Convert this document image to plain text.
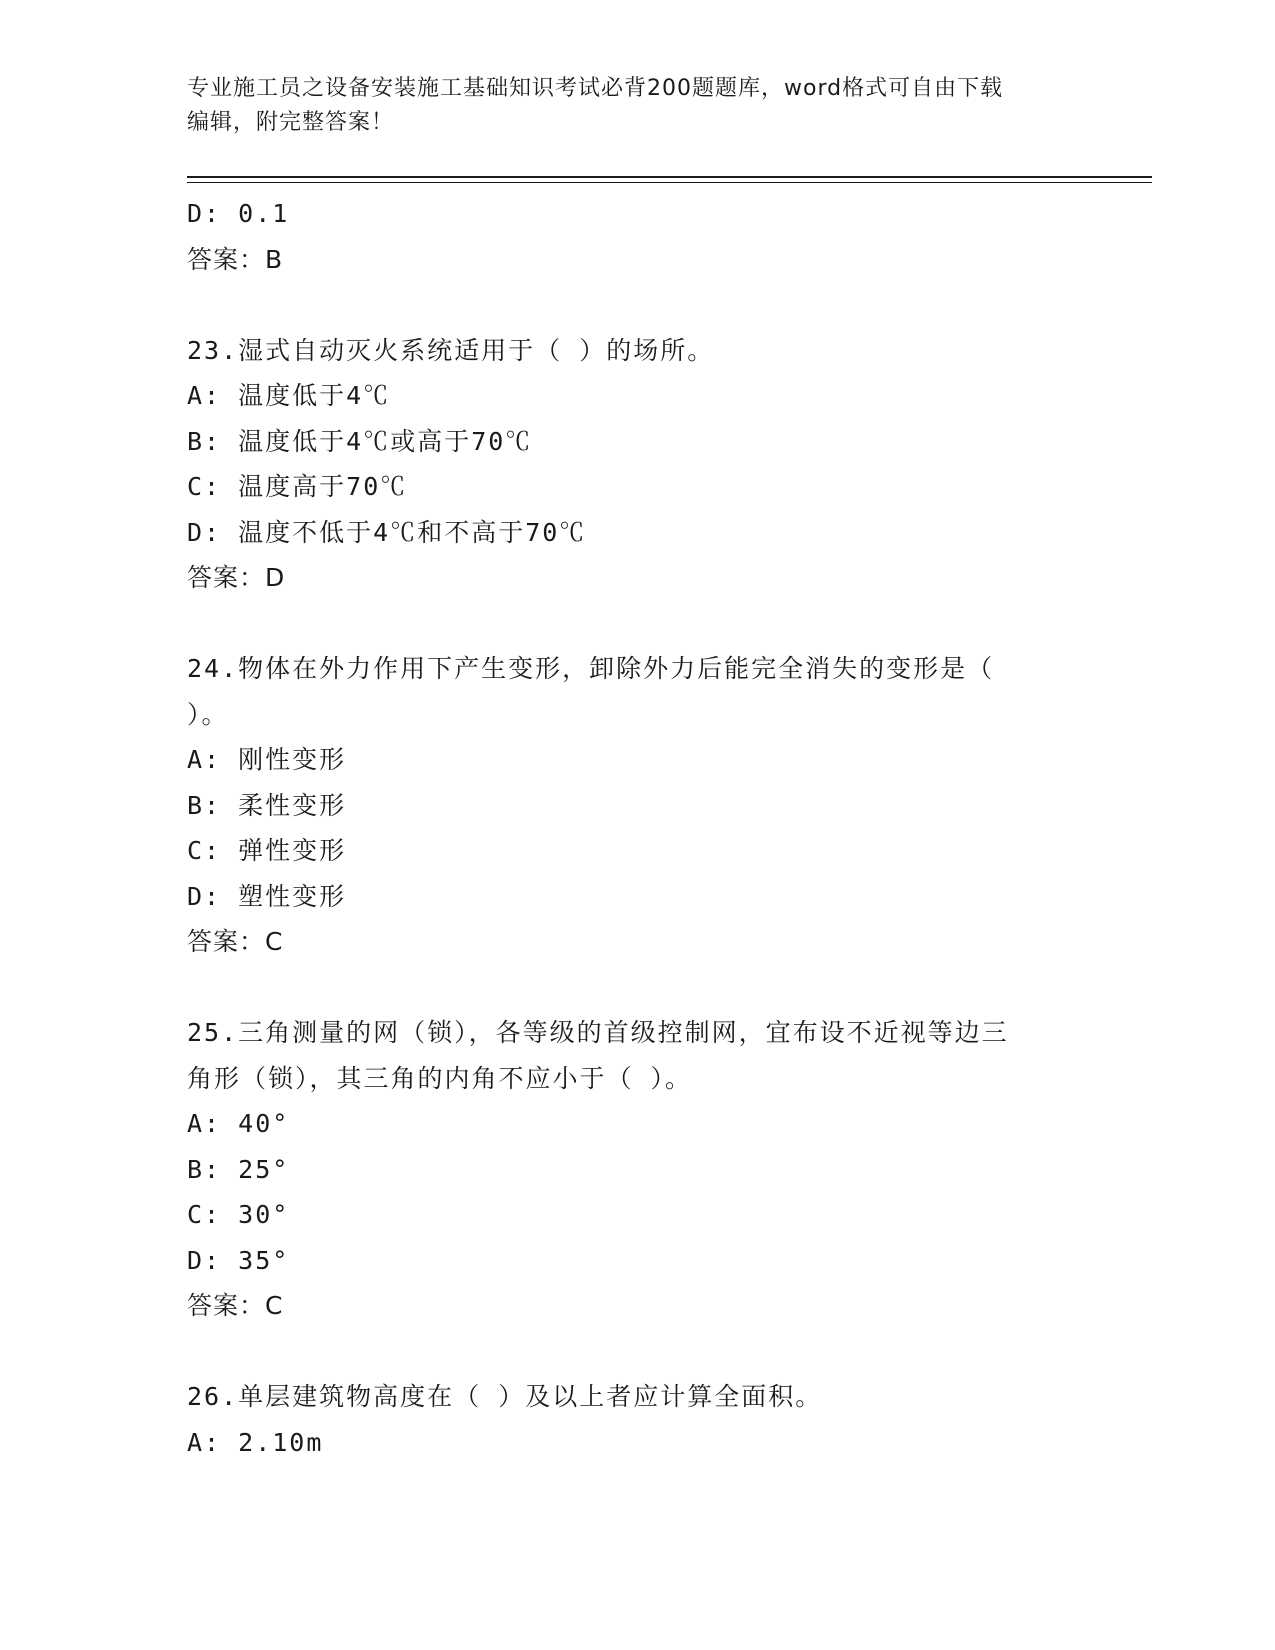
专业施工员之设备安装施工基础知识考试必背200题题库，word格式可自由下载
编辑，附完整答案！
D: 0.1
答案：B
23.湿式自动灭火系统适用于（ ）的场所。
A: 温度低于4℃
B: 温度低于4℃或高于70℃
C: 温度高于70℃
D: 温度不低于4℃和不高于70℃
答案：D
24.物体在外力作用下产生变形，卸除外力后能完全消失的变形是（
）。
A: 刚性变形
B: 柔性变形
C: 弹性变形
D: 塑性变形
答案：C
25.三角测量的网（锁），各等级的首级控制网，宜布设不近视等边三
角形（锁），其三角的内角不应小于（ ）。
A: 40°
B: 25°
C: 30°
D: 35°
答案：C
26.单层建筑物高度在（ ）及以上者应计算全面积。
A: 2.10m
